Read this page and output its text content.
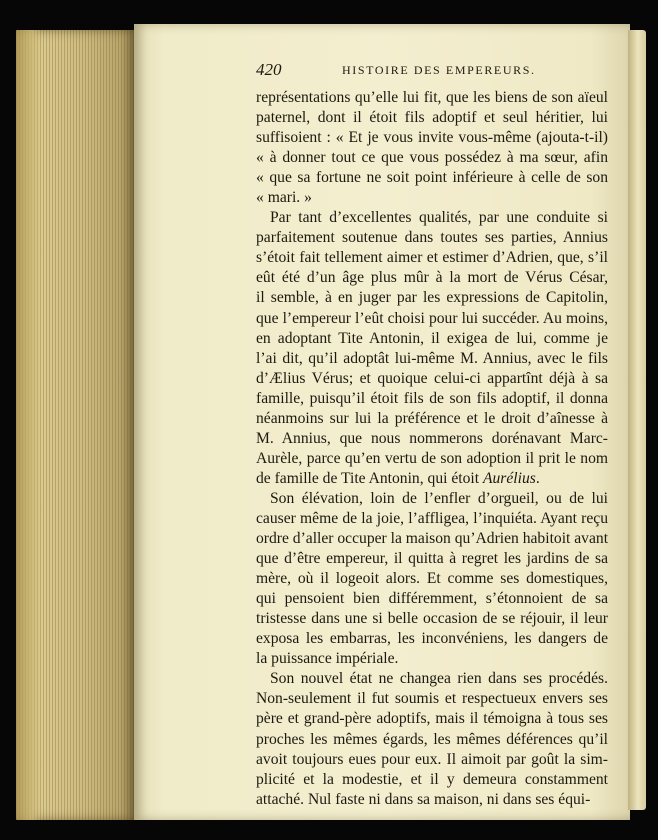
420	HISTOIRE DES EMPEREURS.
représentations qu’elle lui fit, que les biens de son aïeul
paternel, dont il étoit fils adoptif et seul héritier, lui
suffisoient : « Et je vous invite vous-même (ajouta-t-il)
« à donner tout ce que vous possédez à ma sœur, afin
« que sa fortune ne soit point inférieure à celle de son
« mari. »
Par tant d’excellentes qualités, par une conduite si
parfaitement soutenue dans toutes ses parties, Annius
s’étoit fait tellement aimer et estimer d’Adrien, que, s’il
eût été d’un âge plus mûr à la mort de Vérus César,
il semble, à en juger par les expressions de Capitolin,
que l’empereur l’eût choisi pour lui succéder. Au moins,
en adoptant Tite Antonin, il exigea de lui, comme je
l’ai dit, qu’il adoptât lui-même M. Annius, avec le fils
d’Ælius Vérus; et quoique celui-ci appartînt déjà à sa
famille, puisqu’il étoit fils de son fils adoptif, il donna
néanmoins sur lui la préférence et le droit d’aînesse à
M. Annius, que nous nommerons dorénavant Marc-
Aurèle, parce qu’en vertu de son adoption il prit le nom
de famille de Tite Antonin, qui étoit Aurélius.
Son élévation, loin de l’enfler d’orgueil, ou de lui
causer même de la joie, l’affligea, l’inquiéta. Ayant reçu
ordre d’aller occuper la maison qu’Adrien habitoit avant
que d’être empereur, il quitta à regret les jardins de sa
mère, où il logeoit alors. Et comme ses domestiques,
qui pensoient bien différemment, s’étonnoient de sa
tristesse dans une si belle occasion de se réjouir, il leur
exposa les embarras, les inconvéniens, les dangers de
la puissance impériale.
Son nouvel état ne changea rien dans ses procédés.
Non-seulement il fut soumis et respectueux envers ses
père et grand-père adoptifs, mais il témoigna à tous ses
proches les mêmes égards, les mêmes déférences qu’il
avoit toujours eues pour eux. Il aimoit par goût la sim-
plicité et la modestie, et il y demeura constamment
attaché. Nul faste ni dans sa maison, ni dans ses équi-
